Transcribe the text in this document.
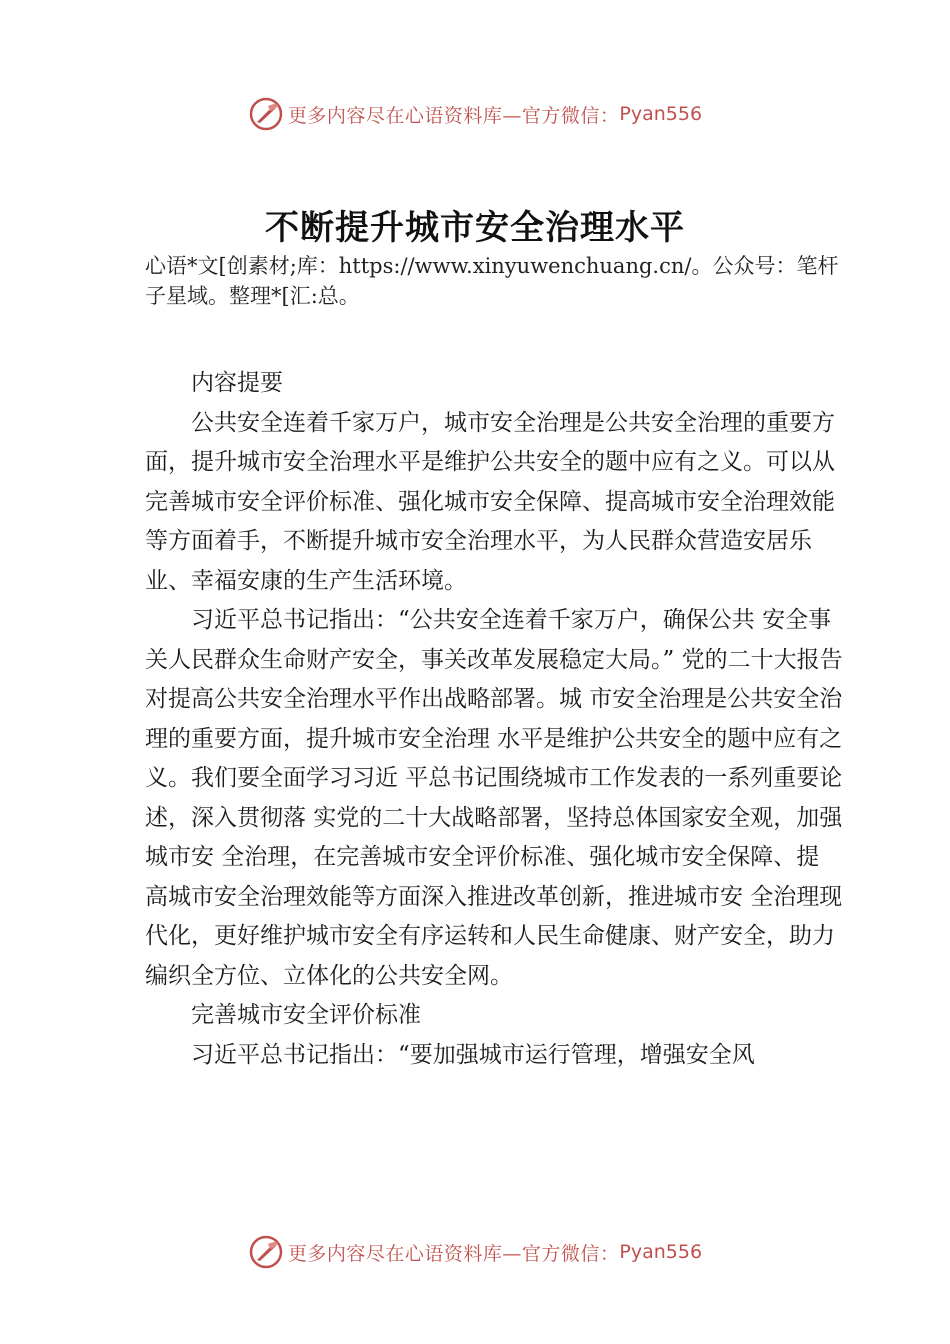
更多内容尽在心语资料库—官方微信： Pyan556
不断提升城市安全治理水平

心语*文[创素材;库：https://www.xinyuwenchuang.cn/。公众号：笔杆子星域。整理*[汇:总。

内容提要

公共安全连着千家万户，城市安全治理是公共安全治理的重要方面，提升城市安全治理水平是维护公共安全的题中应有之义。可以从完善城市安全评价标准、强化城市安全保障、提高城市安全治理效能等方面着手，不断提升城市安全治理水平，为人民群众营造安居乐业、幸福安康的生产生活环境。

习近平总书记指出：“公共安全连着千家万户，确保公共 安全事关人民群众生命财产安全，事关改革发展稳定大局。” 党的二十大报告对提高公共安全治理水平作出战略部署。城 市安全治理是公共安全治理的重要方面，提升城市安全治理 水平是维护公共安全的题中应有之义。我们要全面学习习近 平总书记围绕城市工作发表的一系列重要论述，深入贯彻落 实党的二十大战略部署，坚持总体国家安全观，加强城市安 全治理，在完善城市安全评价标准、强化城市安全保障、提 高城市安全治理效能等方面深入推进改革创新，推进城市安 全治理现代化，更好维护城市安全有序运转和人民生命健康、财产安全，助力编织全方位、立体化的公共安全网。

完善城市安全评价标准

习近平总书记指出：“要加强城市运行管理，增强安全风

更多内容尽在心语资料库—官方微信： Pyan556
